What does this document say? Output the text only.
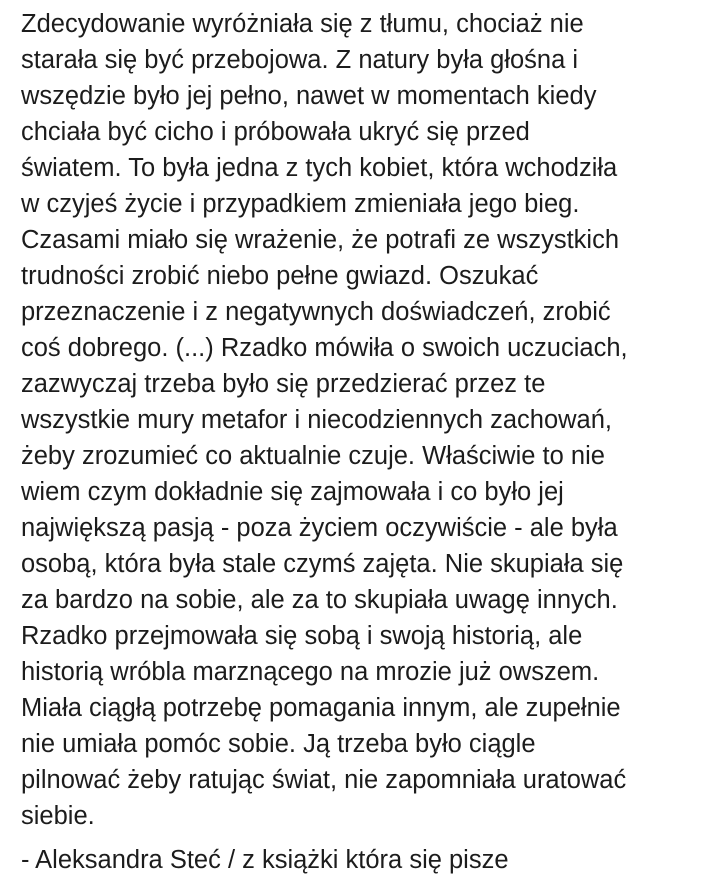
Zdecydowanie wyróżniała się z tłumu, chociaż nie
starała się być przebojowa. Z natury była głośna i
wszędzie było jej pełno, nawet w momentach kiedy
chciała być cicho i próbowała ukryć się przed
światem. To była jedna z tych kobiet, która wchodziła
w czyjeś życie i przypadkiem zmieniała jego bieg.
Czasami miało się wrażenie, że potrafi ze wszystkich
trudności zrobić niebo pełne gwiazd. Oszukać
przeznaczenie i z negatywnych doświadczeń, zrobić
coś dobrego. (...) Rzadko mówiła o swoich uczuciach,
zazwyczaj trzeba było się przedzierać przez te
wszystkie mury metafor i niecodziennych zachowań,
żeby zrozumieć co aktualnie czuje. Właściwie to nie
wiem czym dokładnie się zajmowała i co było jej
największą pasją - poza życiem oczywiście - ale była
osobą, która była stale czymś zajęta. Nie skupiała się
za bardzo na sobie, ale za to skupiała uwagę innych.
Rzadko przejmowała się sobą i swoją historią, ale
historią wróbla marznącego na mrozie już owszem.
Miała ciągłą potrzebę pomagania innym, ale zupełnie
nie umiała pomóc sobie. Ją trzeba było ciągle
pilnować żeby ratując świat, nie zapomniała uratować
siebie.

- Aleksandra Steć / z książki która się pisze
